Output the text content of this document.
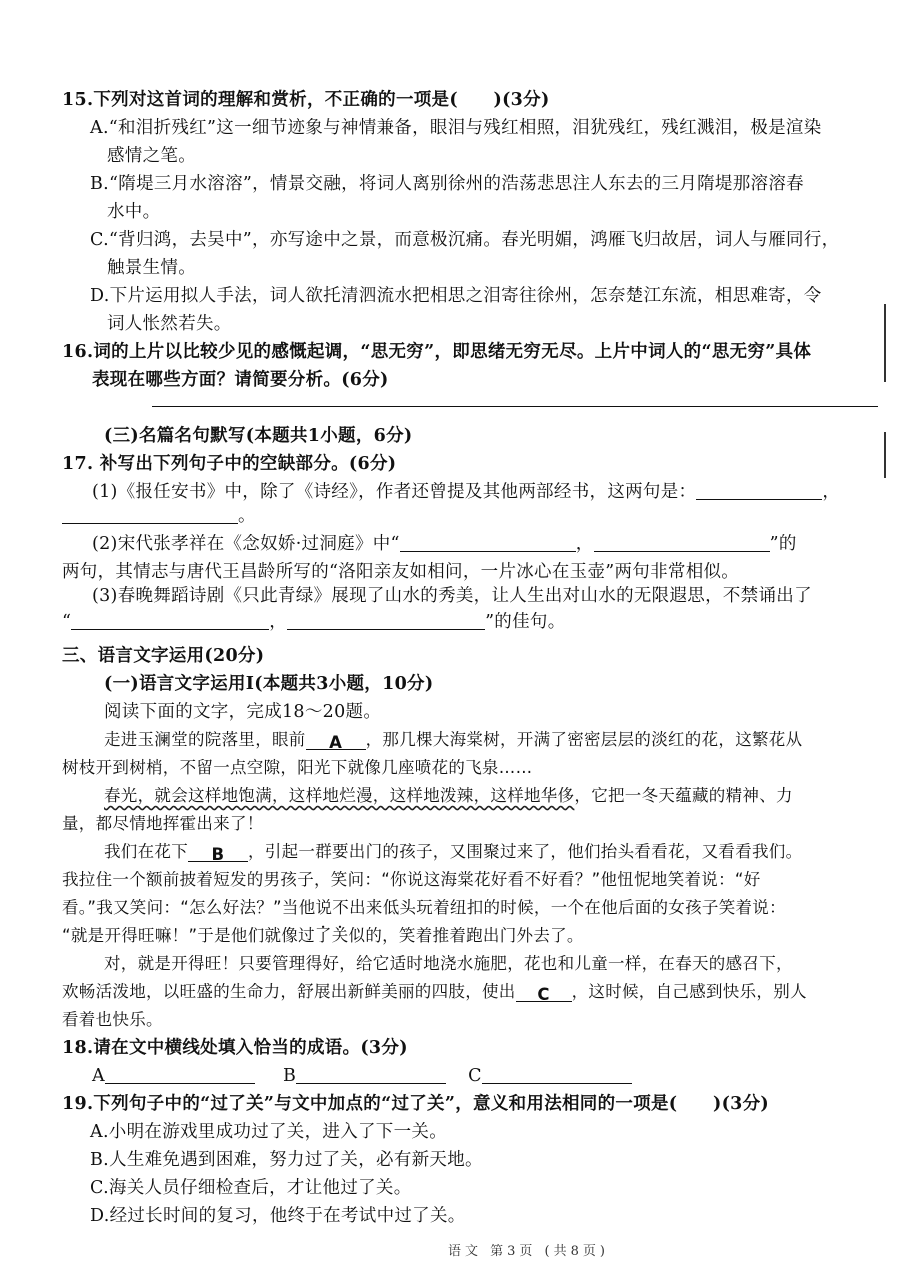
15.下列对这首词的理解和赏析，不正确的一项是(　　)(3分)
A.“和泪折残红”这一细节迹象与神情兼备，眼泪与残红相照，泪犹残红，残红溅泪，极是渲染
感情之笔。
B.“隋堤三月水溶溶”，情景交融，将词人离别徐州的浩荡悲思注人东去的三月隋堤那溶溶春
水中。
C.“背归鸿，去吴中”，亦写途中之景，而意极沉痛。春光明媚，鸿雁飞归故居，词人与雁同行，
触景生情。
D.下片运用拟人手法，词人欲托清泗流水把相思之泪寄往徐州，怎奈楚江东流，相思难寄，令
词人怅然若失。
16.词的上片以比较少见的感慨起调，“思无穷”，即思绪无穷无尽。上片中词人的“思无穷”具体
表现在哪些方面？请简要分析。(6分)
(三)名篇名句默写(本题共1小题，6分)
17. 补写出下列句子中的空缺部分。(6分)
(1)《报任安书》中，除了《诗经》，作者还曾提及其他两部经书，这两句是：	，
。
(2)宋代张孝祥在《念奴娇·过洞庭》中“	，	”的
两句，其情志与唐代王昌龄所写的“洛阳亲友如相问，一片冰心在玉壶”两句非常相似。
(3)春晚舞蹈诗剧《只此青绿》展现了山水的秀美，让人生出对山水的无限遐思，不禁诵出了
“	，	”的佳句。
三、语言文字运用(20分)
(一)语言文字运用Ⅰ(本题共3小题，10分)
阅读下面的文字，完成18～20题。
走进玉澜堂的院落里，眼前 A ，那几棵大海棠树，开满了密密层层的淡红的花，这繁花从
树枝开到树梢，不留一点空隙，阳光下就像几座喷花的飞泉……
春光，就会这样地饱满，这样地烂漫，这样地泼辣，这样地华侈，它把一冬天蕴藏的精神、力
量，都尽情地挥霍出来了！
我们在花下 B ，引起一群要出门的孩子，又围聚过来了，他们抬头看看花，又看看我们。
我拉住一个额前披着短发的男孩子，笑问：“你说这海棠花好看不好看？”他忸怩地笑着说：“好
看。”我又笑问：“怎么好法？”当他说不出来低头玩着纽扣的时候，一个在他后面的女孩子笑着说：
“就是开得旺嘛！”于是他们就像过了关似的，笑着推着跑出门外去了。
对，就是开得旺！只要管理得好，给它适时地浇水施肥，花也和儿童一样，在春天的感召下，
欢畅活泼地，以旺盛的生命力，舒展出新鲜美丽的四肢，使出 C ，这时候，自己感到快乐，别人
看着也快乐。
18.请在文中横线处填入恰当的成语。(3分)
A	B	C
19.下列句子中的“过了关”与文中加点的“过了关”，意义和用法相同的一项是(　　)(3分)
A.小明在游戏里成功过了关，进入了下一关。
B.人生难免遇到困难，努力过了关，必有新天地。
C.海关人员仔细检查后，才让他过了关。
D.经过长时间的复习，他终于在考试中过了关。
语文 第3页 (共8页)
